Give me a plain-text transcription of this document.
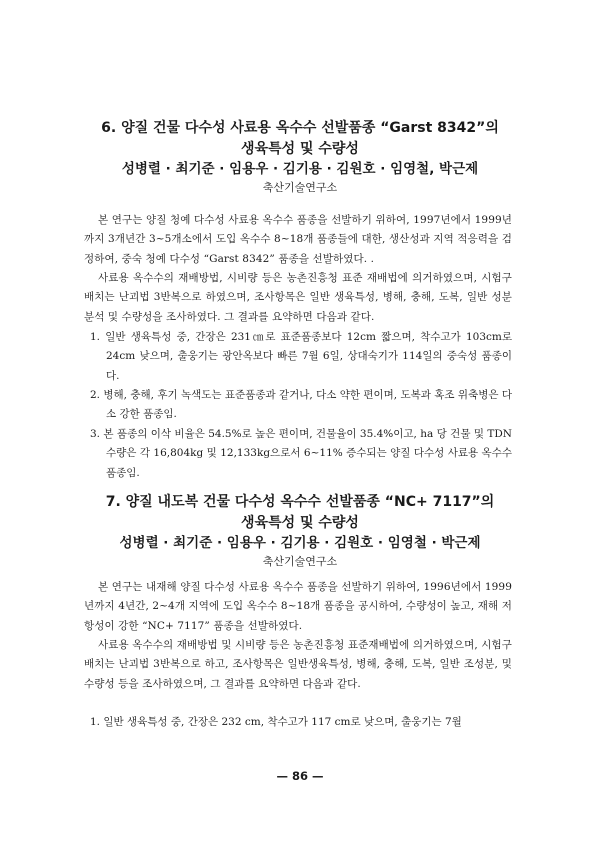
6. 양질 건물 다수성 사료용 옥수수 선발품종 “Garst 8342”의
생육특성 및 수량성

성병렬 · 최기준 · 임용우 · 김기용 · 김원호 · 임영철, 박근제

축산기술연구소

본 연구는 양질 청예 다수성 사료용 옥수수 품종을 선발하기 위하여, 1997년에서 1999년까지 3개년간 3~5개소에서 도입 옥수수 8~18개 품종들에 대한, 생산성과 지역 적응력을 검정하여, 중숙 청예 다수성 “Garst 8342” 품종을 선발하였다. .

사료용 옥수수의 재배방법, 시비량 등은 농촌진흥청 표준 재배법에 의거하였으며, 시험구 배치는 난괴법 3반복으로 하였으며, 조사항목은 일반 생육특성, 병해, 충해, 도복, 일반 성분분석 및 수량성을 조사하였다. 그 결과를 요약하면 다음과 같다.

1. 일반 생육특성 중, 간장은 231㎝로 표준품종보다 12cm 짧으며, 착수고가 103cm로 24cm 낮으며, 출웅기는 광안옥보다 빠른 7월 6일, 상대숙기가 114일의 중숙성 품종이다.

2. 병해, 충해, 후기 녹색도는 표준품종과 같거나, 다소 약한 편이며, 도복과 혹조 위축병은 다소 강한 품종임.

3. 본 품종의 이삭 비율은 54.5%로 높은 편이며, 건물율이 35.4%이고, ha 당 건물 및 TDN 수량은 각 16,804kg 및 12,133kg으로서 6~11% 증수되는 양질 다수성 사료용 옥수수 품종임.

7. 양질 내도복 건물 다수성 옥수수 선발품종 “NC+ 7117”의
생육특성 및 수량성

성병렬 · 최기준 · 임용우 · 김기용 · 김원호 · 임영철 · 박근제

축산기술연구소

본 연구는 내재해 양질 다수성 사료용 옥수수 품종을 선발하기 위하여, 1996년에서 1999년까지 4년간, 2~4개 지역에 도입 옥수수 8~18개 품종을 공시하여, 수량성이 높고, 재해 저항성이 강한 “NC+ 7117” 품종을 선발하였다.

사료용 옥수수의 재배방법 및 시비량 등은 농촌진흥청 표준재배법에 의거하였으며, 시험구 배치는 난괴법 3반복으로 하고, 조사항목은 일반생육특성, 병해, 충해, 도복, 일반 조성분, 및 수량성 등을 조사하였으며, 그 결과를 요약하면 다음과 같다.

1. 일반 생육특성 중, 간장은 232 cm, 착수고가 117 cm로 낮으며, 출웅기는 7월

— 86 —
